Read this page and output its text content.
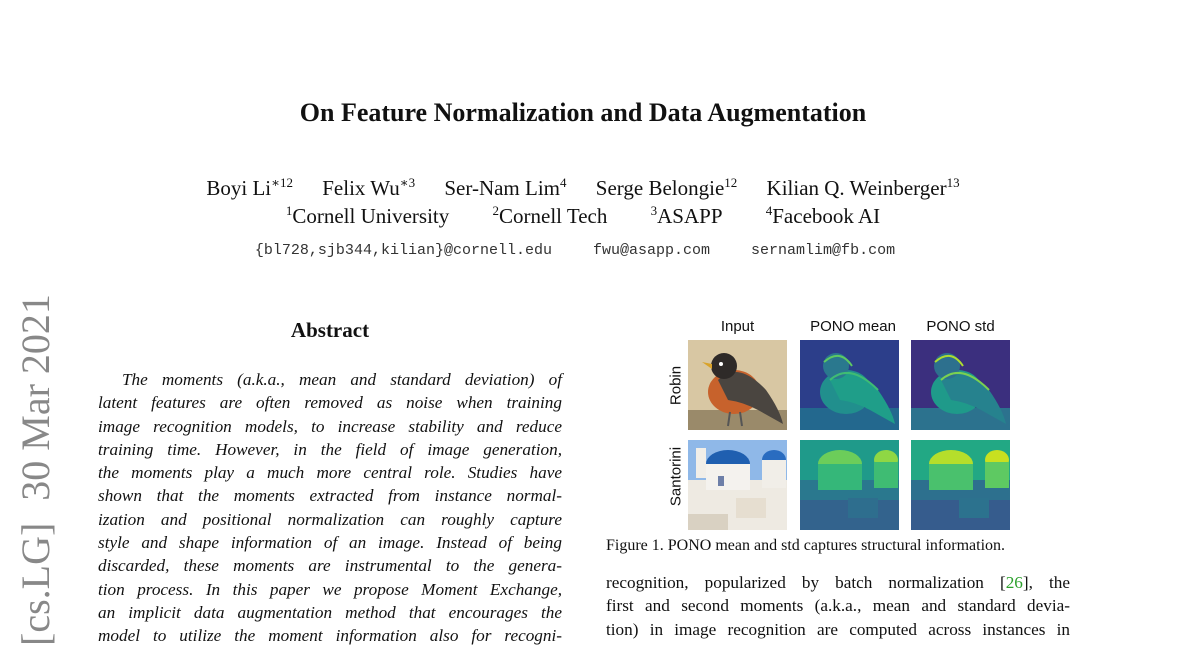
On Feature Normalization and Data Augmentation
Boyi $Li^{∗12}$ Felix $Wu^{∗3}$ Ser-Nam Lim$^4$ Serge Belongie$^{12}$ Kilian Q. Weinberger$^{13}$
$^1$Cornell University	$^2$Cornell Tech	$^3$ASAPP	$^4$Facebook AI
{bl728,sjb344,kilian}@cornell.edu	fwu@asapp.com	sernamlim@fb.com
[cs.LG]
30 Mar 2021	Abstract
The moments (a.k.a., mean and standard deviation) of
latent features are often removed as noise when training
image recognition models, to increase stability and reduce
training time. However, in the field of image generation,
the moments play a much more central role. Studies have
shown that the moments extracted from instance normal-
ization and positional normalization can roughly capture
style and shape information of an image. Instead of being
discarded, these moments are instrumental to the genera-
tion process. In this paper we propose Moment Exchange,
an implicit data augmentation method that encourages the
model to utilize the moment information also for recogni-
Input	PONO mean	PONO std
Robin
Santorini
Figure 1. PONO mean and std captures structural information.
recognition, popularized by batch normalization [26], the
first and second moments (a.k.a., mean and standard devia-
tion) in image recognition are computed across instances in
